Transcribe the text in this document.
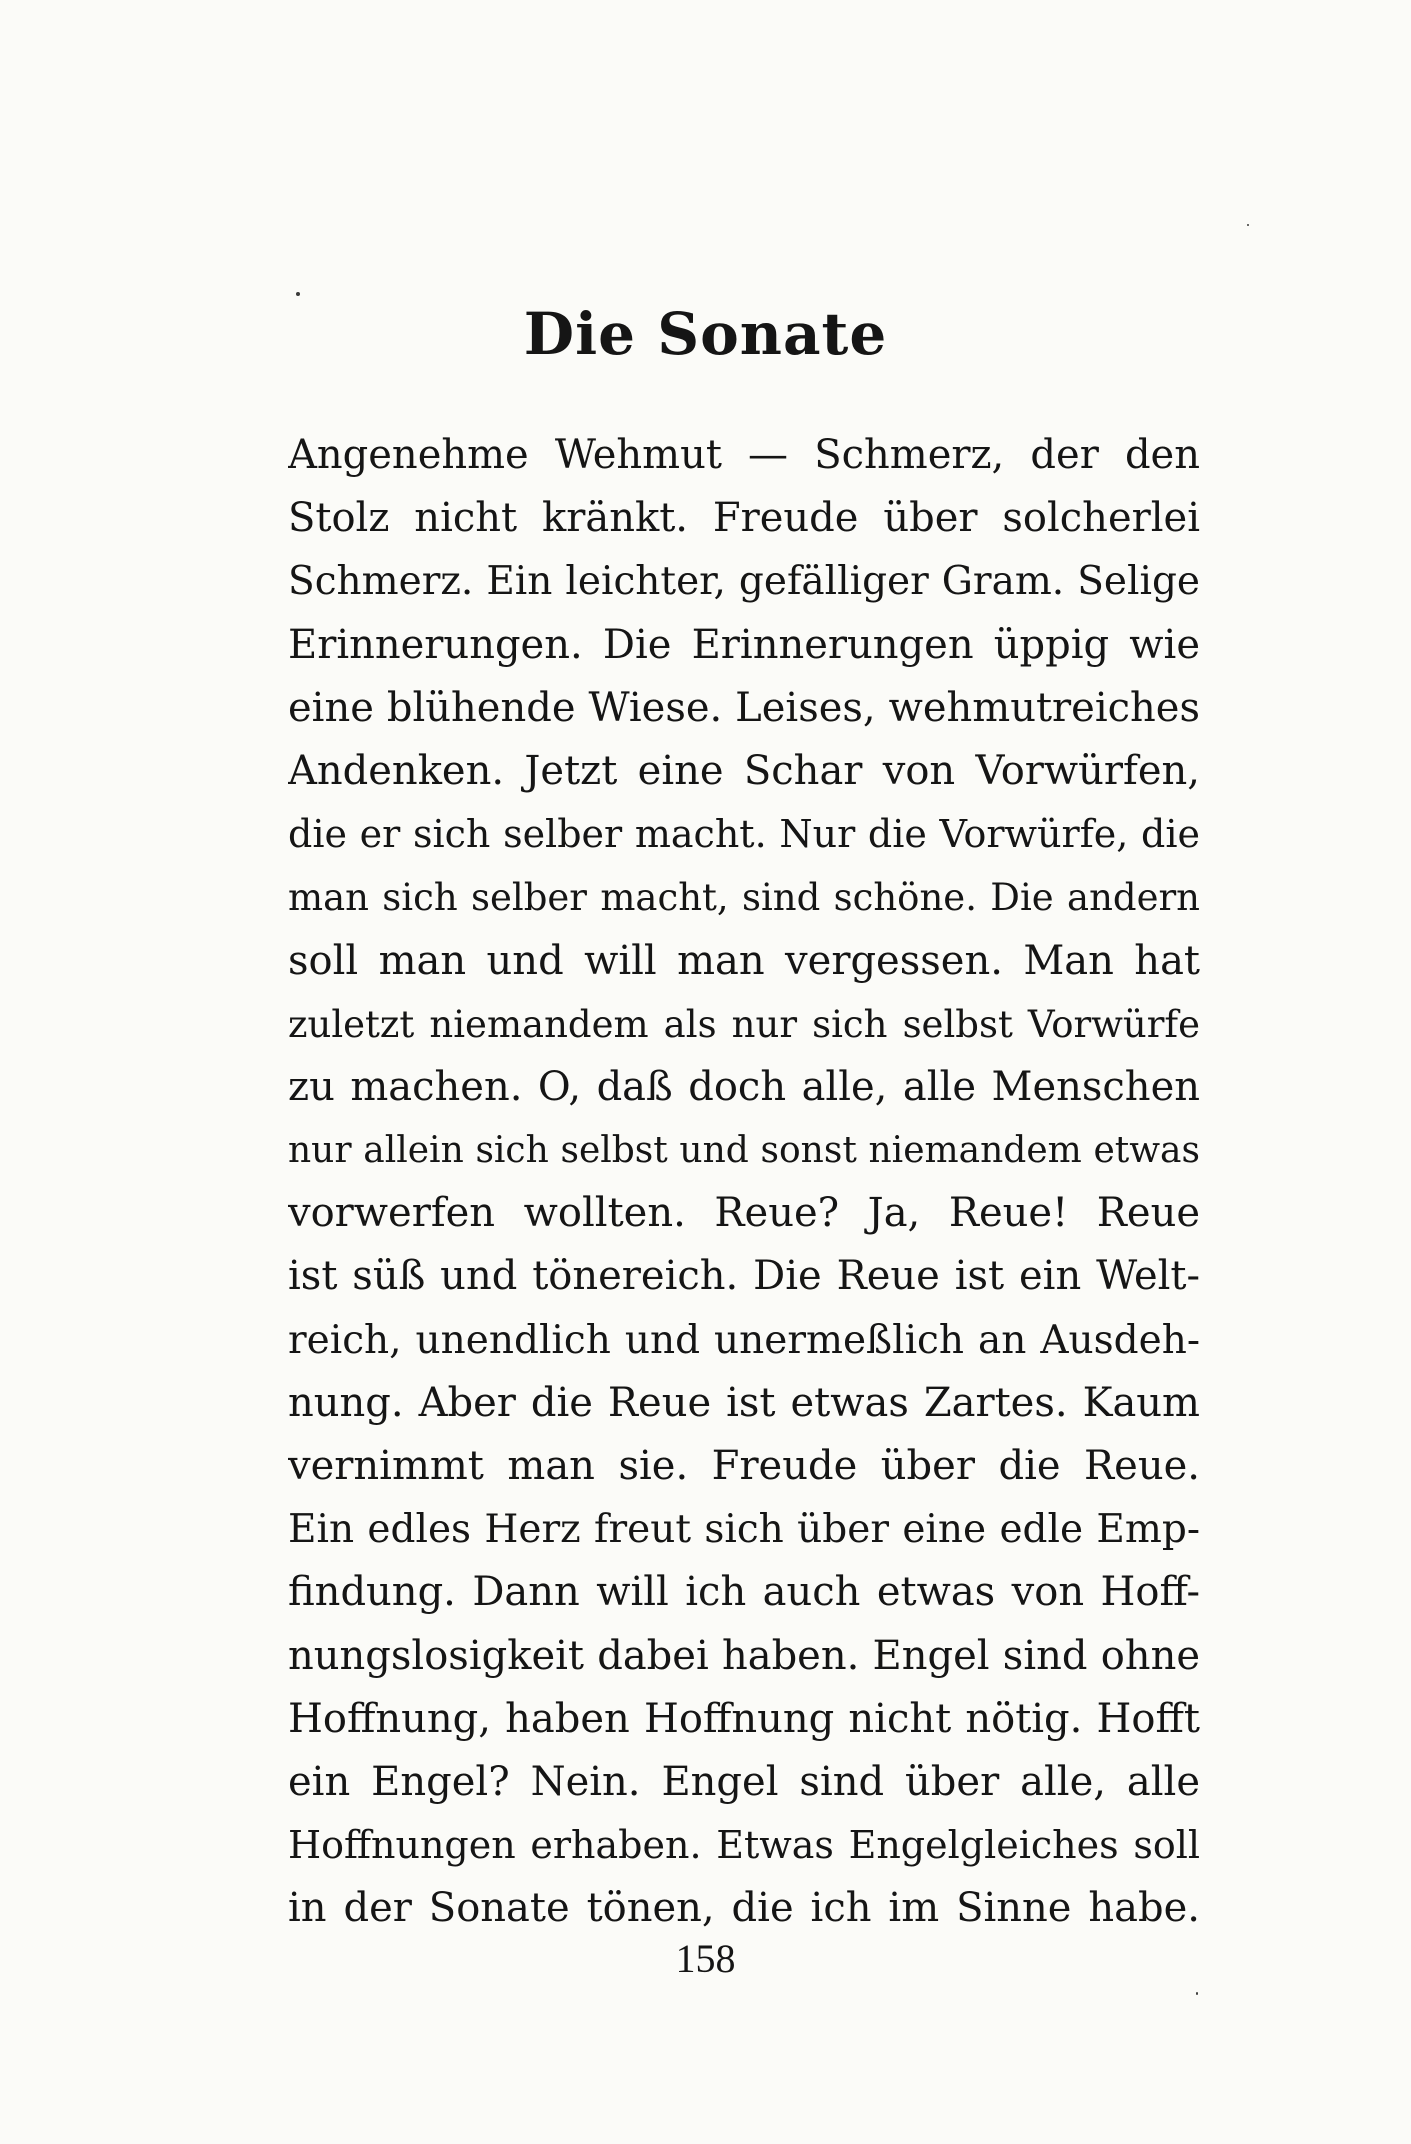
Die Sonate
Angenehme Wehmut — Schmerz, der den
Stolz nicht kränkt. Freude über solcherlei
Schmerz. Ein leichter, gefälliger Gram. Selige
Erinnerungen. Die Erinnerungen üppig wie
eine blühende Wiese. Leises, wehmutreiches
Andenken. Jetzt eine Schar von Vorwürfen,
die er sich selber macht. Nur die Vorwürfe, die
man sich selber macht, sind schöne. Die andern
soll man und will man vergessen. Man hat
zuletzt niemandem als nur sich selbst Vorwürfe
zu machen. O, daß doch alle, alle Menschen
nur allein sich selbst und sonst niemandem etwas
vorwerfen wollten. Reue? Ja, Reue! Reue
ist süß und tönereich. Die Reue ist ein Welt-
reich, unendlich und unermeßlich an Ausdeh-
nung. Aber die Reue ist etwas Zartes. Kaum
vernimmt man sie. Freude über die Reue.
Ein edles Herz freut sich über eine edle Emp-
findung. Dann will ich auch etwas von Hoff-
nungslosigkeit dabei haben. Engel sind ohne
Hoffnung, haben Hoffnung nicht nötig. Hofft
ein Engel? Nein. Engel sind über alle, alle
Hoffnungen erhaben. Etwas Engelgleiches soll
in der Sonate tönen, die ich im Sinne habe.
158
